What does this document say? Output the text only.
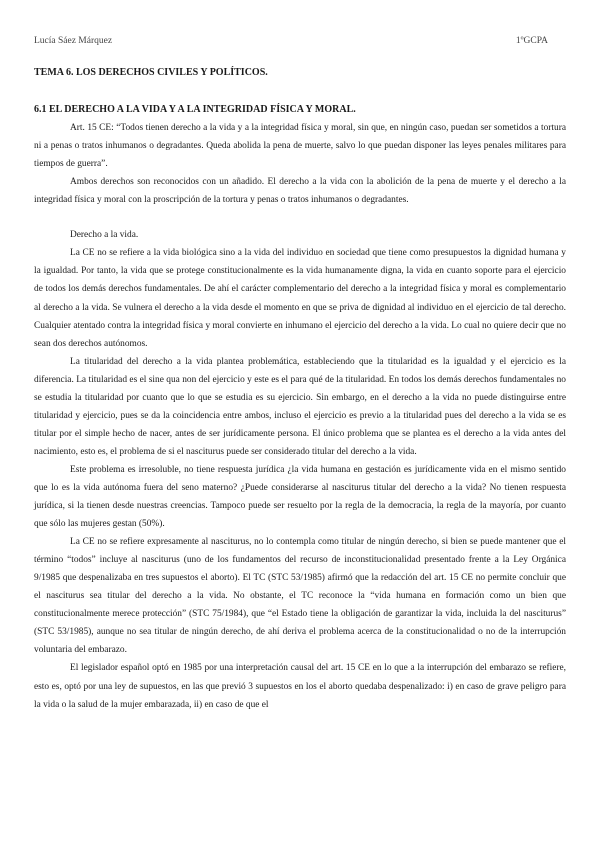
Lucía Sáez Márquez	1ºGCPA

TEMA 6. LOS DERECHOS CIVILES Y POLÍTICOS.

6.1 EL DERECHO A LA VIDA Y A LA INTEGRIDAD FÍSICA Y MORAL.

Art. 15 CE: “Todos tienen derecho a la vida y a la integridad física y moral, sin que, en ningún caso, puedan ser sometidos a tortura ni a penas o tratos inhumanos o degradantes. Queda abolida la pena de muerte, salvo lo que puedan disponer las leyes penales militares para tiempos de guerra”.

Ambos derechos son reconocidos con un añadido. El derecho a la vida con la abolición de la pena de muerte y el derecho a la integridad física y moral con la proscripción de la tortura y penas o tratos inhumanos o degradantes.

Derecho a la vida.

La CE no se refiere a la vida biológica sino a la vida del individuo en sociedad que tiene como presupuestos la dignidad humana y la igualdad. Por tanto, la vida que se protege constitucionalmente es la vida humanamente digna, la vida en cuanto soporte para el ejercicio de todos los demás derechos fundamentales. De ahí el carácter complementario del derecho a la integridad física y moral es complementario al derecho a la vida. Se vulnera el derecho a la vida desde el momento en que se priva de dignidad al individuo en el ejercicio de tal derecho. Cualquier atentado contra la integridad física y moral convierte en inhumano el ejercicio del derecho a la vida. Lo cual no quiere decir que no sean dos derechos autónomos.

La titularidad del derecho a la vida plantea problemática, estableciendo que la titularidad es la igualdad y el ejercicio es la diferencia. La titularidad es el sine qua non del ejercicio y este es el para qué de la titularidad. En todos los demás derechos fundamentales no se estudia la titularidad por cuanto que lo que se estudia es su ejercicio. Sin embargo, en el derecho a la vida no puede distinguirse entre titularidad y ejercicio, pues se da la coincidencia entre ambos, incluso el ejercicio es previo a la titularidad pues del derecho a la vida se es titular por el simple hecho de nacer, antes de ser jurídicamente persona. El único problema que se plantea es el derecho a la vida antes del nacimiento, esto es, el problema de si el nasciturus puede ser considerado titular del derecho a la vida.

Este problema es irresoluble, no tiene respuesta jurídica ¿la vida humana en gestación es jurídicamente vida en el mismo sentido que lo es la vida autónoma fuera del seno materno? ¿Puede considerarse al nasciturus titular del derecho a la vida? No tienen respuesta jurídica, si la tienen desde nuestras creencias. Tampoco puede ser resuelto por la regla de la democracia, la regla de la mayoría, por cuanto que sólo las mujeres gestan (50%).

La CE no se refiere expresamente al nasciturus, no lo contempla como titular de ningún derecho, si bien se puede mantener que el término “todos” incluye al nasciturus (uno de los fundamentos del recurso de inconstitucionalidad presentado frente a la Ley Orgánica 9/1985 que despenalizaba en tres supuestos el aborto). El TC (STC 53/1985) afirmó que la redacción del art. 15 CE no permite concluir que el nasciturus sea titular del derecho a la vida. No obstante, el TC reconoce la “vida humana en formación como un bien que constitucionalmente merece protección” (STC 75/1984), que “el Estado tiene la obligación de garantizar la vida, incluida la del nasciturus” (STC 53/1985), aunque no sea titular de ningún derecho, de ahí deriva el problema acerca de la constitucionalidad o no de la interrupción voluntaria del embarazo.

El legislador español optó en 1985 por una interpretación causal del art. 15 CE en lo que a la interrupción del embarazo se refiere, esto es, optó por una ley de supuestos, en las que previó 3 supuestos en los el aborto quedaba despenalizado: i) en caso de grave peligro para la vida o la salud de la mujer embarazada, ii) en caso de que el
